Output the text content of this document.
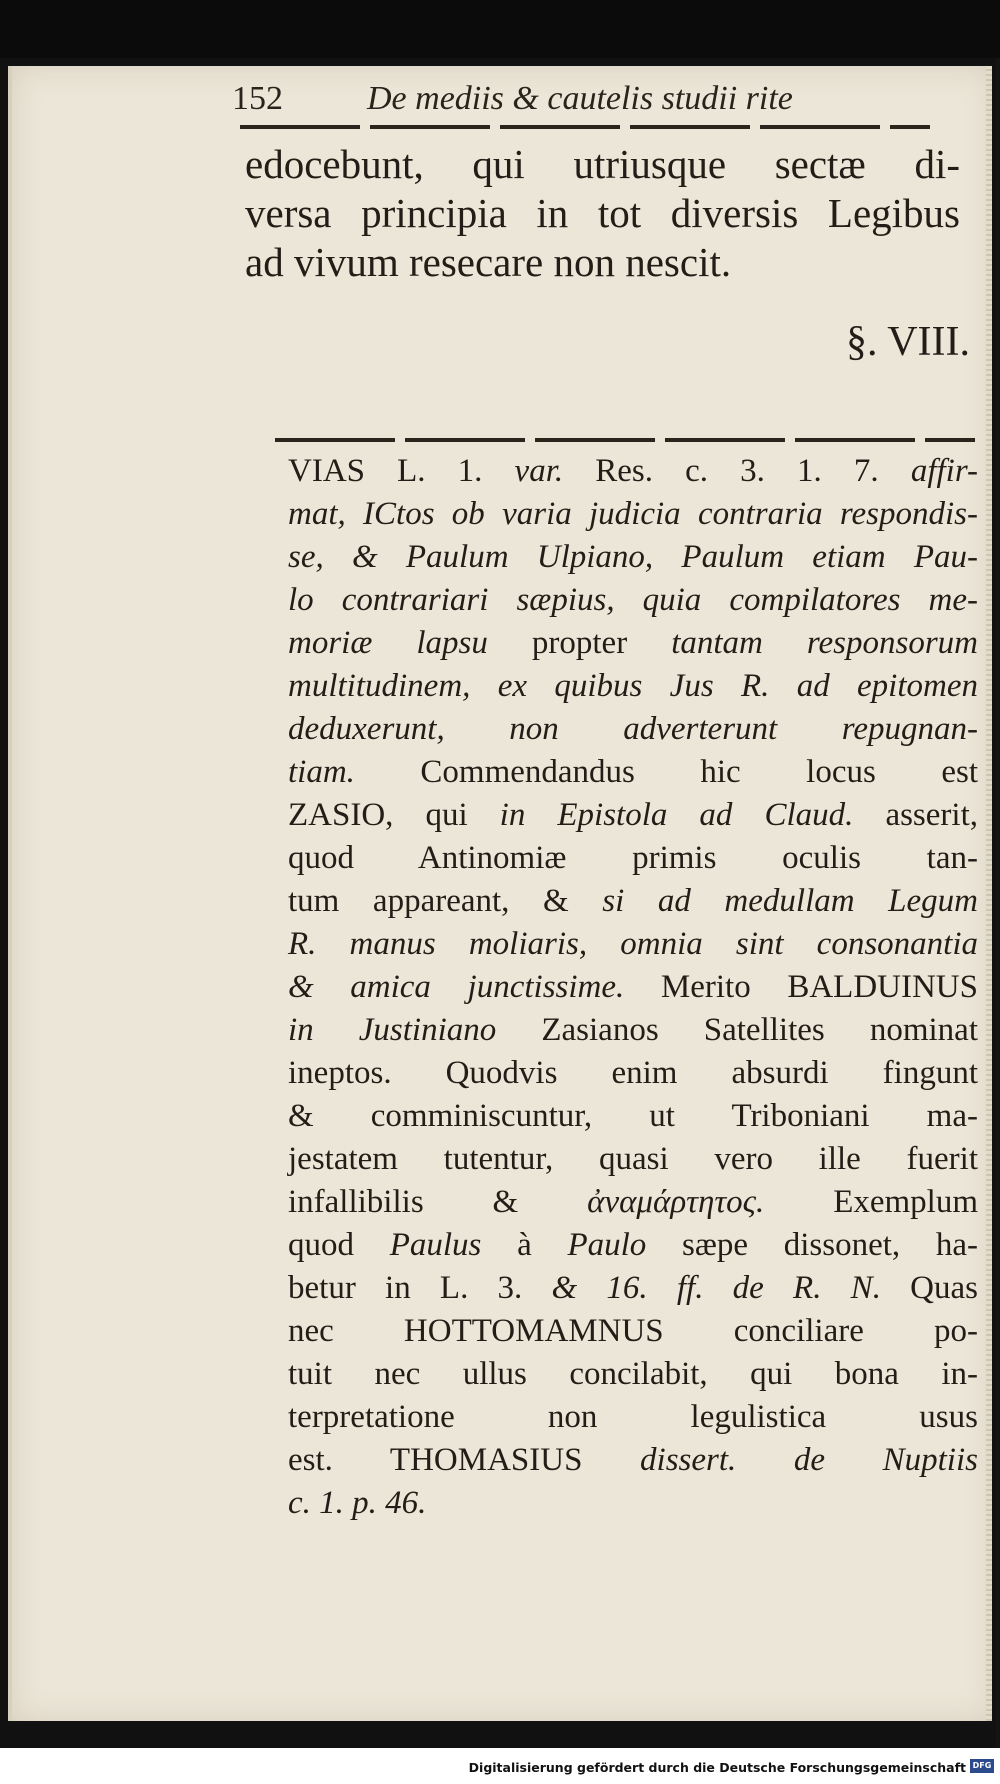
152 De mediis & cautelis studii rite
edocebunt, qui utriusque sectæ di-
versa principia in tot diversis Legibus
ad vivum resecare non nescit.
§. VIII.
VIAS L. 1. var. Res. c. 3. 1. 7. affir-
mat, ICtos ob varia judicia contraria respondis-
se, & Paulum Ulpiano, Paulum etiam Pau-
lo contrariari sæpius, quia compilatores me-
moriæ lapsu propter tantam responsorum
multitudinem, ex quibus Jus R. ad epitomen
deduxerunt, non adverterunt repugnan-
tiam. Commendandus hic locus est
ZASIO, qui in Epistola ad Claud. asserit,
quod Antinomiæ primis oculis tan-
tum appareant, & si ad medullam Legum
R. manus moliaris, omnia sint consonantia
& amica junctissime. Merito BALDUINUS
in Justiniano Zasianos Satellites nominat
ineptos. Quodvis enim absurdi fingunt
& comminiscuntur, ut Triboniani ma-
jestatem tutentur, quasi vero ille fuerit
infallibilis & ἀναμάρτητος. Exemplum
quod Paulus à Paulo sæpe dissonet, ha-
betur in L. 3. & 16. ff. de R. N. Quas
nec HOTTOMAMNUS conciliare po-
tuit nec ullus concilabit, qui bona in-
terpretatione non legulistica usus
est. THOMASIUS dissert. de Nuptiis
c. 1. p. 46.
Digitalisierung gefördert durch die Deutsche Forschungsgemeinschaft DFG
